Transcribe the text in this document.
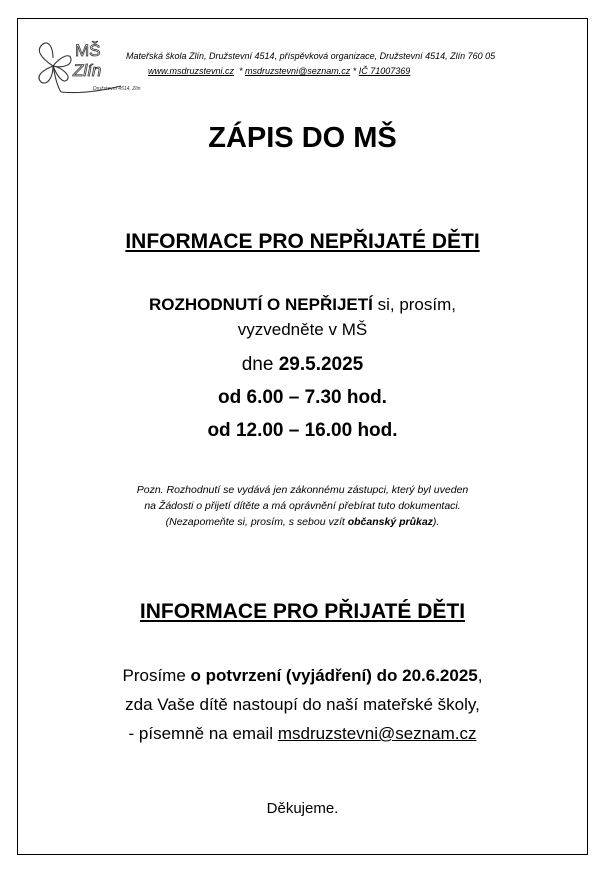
MŠ
Zlín
Družstevní 4514, Zlín
Mateřská škola Zlín, Družstevní 4514, příspěvková organizace, Družstevní 4514, Zlín 760 05
www.msdruzstevni.cz  * msdruzstevni@seznam.cz * IČ 71007369
ZÁPIS DO MŠ
INFORMACE PRO NEPŘIJATÉ DĚTI
ROZHODNUTÍ O NEPŘIJETÍ si, prosím,
vyzvedněte v MŠ
dne 29.5.2025
od 6.00 – 7.30 hod.
od 12.00 – 16.00 hod.
Pozn. Rozhodnutí se vydává jen zákonnému zástupci, který byl uveden
na Žádosti o přijetí dítěte a má oprávnění přebírat tuto dokumentaci.
(Nezapomeňte si, prosím, s sebou vzít občanský průkaz).
INFORMACE PRO PŘIJATÉ DĚTI
Prosíme o potvrzení (vyjádření) do 20.6.2025,
zda Vaše dítě nastoupí do naší mateřské školy,
- písemně na email msdruzstevni@seznam.cz
Děkujeme.
